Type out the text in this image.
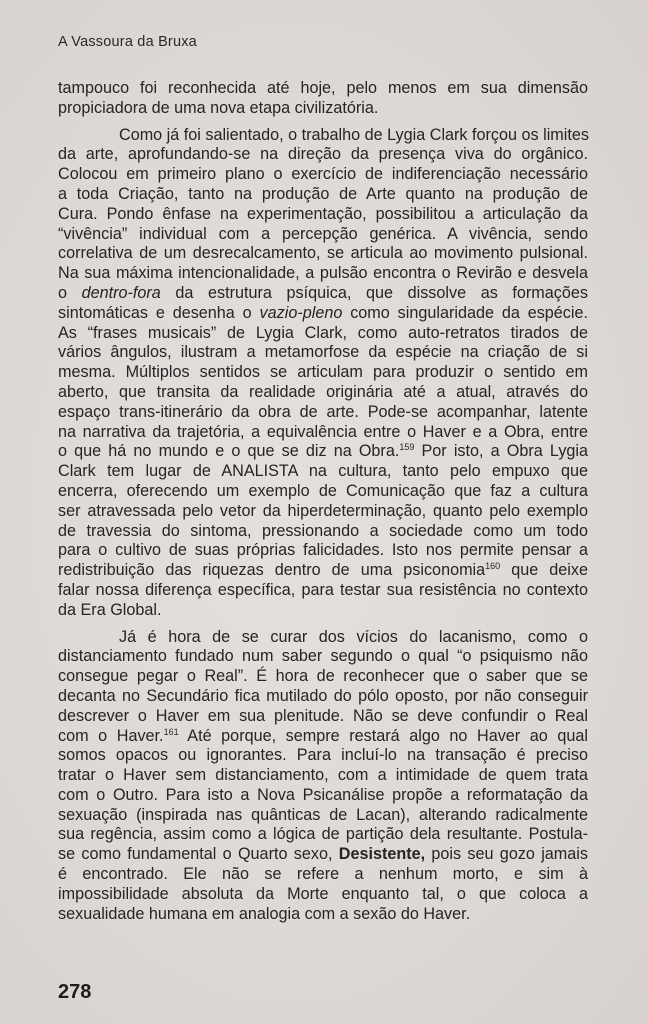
A Vassoura da Bruxa
tampouco foi reconhecida até hoje, pelo menos em sua dimensão
propiciadora de uma nova etapa civilizatória.
Como já foi salientado, o trabalho de Lygia Clark forçou os limites
da arte, aprofundando-se na direção da presença viva do orgânico.
Colocou em primeiro plano o exercício de indiferenciação necessário
a toda Criação, tanto na produção de Arte quanto na produção de
Cura. Pondo ênfase na experimentação, possibilitou a articulação da
“vivência” individual com a percepção genérica. A vivência, sendo
correlativa de um desrecalcamento, se articula ao movimento pulsional.
Na sua máxima intencionalidade, a pulsão encontra o Revirão e desvela
o dentro-fora da estrutura psíquica, que dissolve as formações
sintomáticas e desenha o vazio-pleno como singularidade da espécie.
As “frases musicais” de Lygia Clark, como auto-retratos tirados de
vários ângulos, ilustram a metamorfose da espécie na criação de si
mesma. Múltiplos sentidos se articulam para produzir o sentido em
aberto, que transita da realidade originária até a atual, através do
espaço trans-itinerário da obra de arte. Pode-se acompanhar, latente
na narrativa da trajetória, a equivalência entre o Haver e a Obra, entre
o que há no mundo e o que se diz na Obra.$^{159}$ Por isto, a Obra Lygia
Clark tem lugar de ANALISTA na cultura, tanto pelo empuxo que
encerra, oferecendo um exemplo de Comunicação que faz a cultura
ser atravessada pelo vetor da hiperdeterminação, quanto pelo exemplo
de travessia do sintoma, pressionando a sociedade como um todo
para o cultivo de suas próprias falicidades. Isto nos permite pensar a
redistribuição das riquezas dentro de uma psiconomia$^{160}$ que deixe
falar nossa diferença específica, para testar sua resistência no contexto
da Era Global.
Já é hora de se curar dos vícios do lacanismo, como o
distanciamento fundado num saber segundo o qual “o psiquismo não
consegue pegar o Real”. É hora de reconhecer que o saber que se
decanta no Secundário fica mutilado do pólo oposto, por não conseguir
descrever o Haver em sua plenitude. Não se deve confundir o Real
com o Haver.$^{161}$ Até porque, sempre restará algo no Haver ao qual
somos opacos ou ignorantes. Para incluí-lo na transação é preciso
tratar o Haver sem distanciamento, com a intimidade de quem trata
com o Outro. Para isto a Nova Psicanálise propõe a reformatação da
sexuação (inspirada nas quânticas de Lacan), alterando radicalmente
sua regência, assim como a lógica de partição dela resultante. Postula-
se como fundamental o Quarto sexo, Desistente, pois seu gozo jamais
é encontrado. Ele não se refere a nenhum morto, e sim à
impossibilidade absoluta da Morte enquanto tal, o que coloca a
sexualidade humana em analogia com a sexão do Haver.
278
